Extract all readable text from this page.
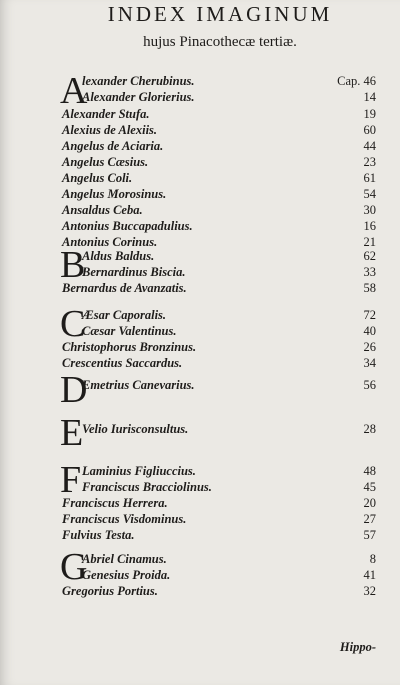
INDEX IMAGINUM
hujus Pinacothecæ tertiæ.
A
lexander Cherubinus.	Cap. 46
Alexander Glorierius.	14
Alexander Stufa.	19
Alexius de Alexiis.	60
Angelus de Aciaria.	44
Angelus Cæsius.	23
Angelus Coli.	61
Angelus Morosinus.	54
Ansaldus Ceba.	30
Antonius Buccapadulius.	16
Antonius Corinus.	21
B
Aldus Baldus.	62
Bernardinus Biscia.	33
Bernardus de Avanzatis.	58
C
Æsar Caporalis.	72
Cæsar Valentinus.	40
Christophorus Bronzinus.	26
Crescentius Saccardus.	34
D
Emetrius Canevarius.	56
E
Velio Iurisconsultus.	28
F Laminius Figliuccius.	48
Franciscus Bracciolinus.	45
Franciscus Herrera.	20
Franciscus Visdominus.	27
Fulvius Testa.	57
G
Abriel Cinamus.	8
Genesius Proida.	41
Gregorius Portius.	32
Hippo-
